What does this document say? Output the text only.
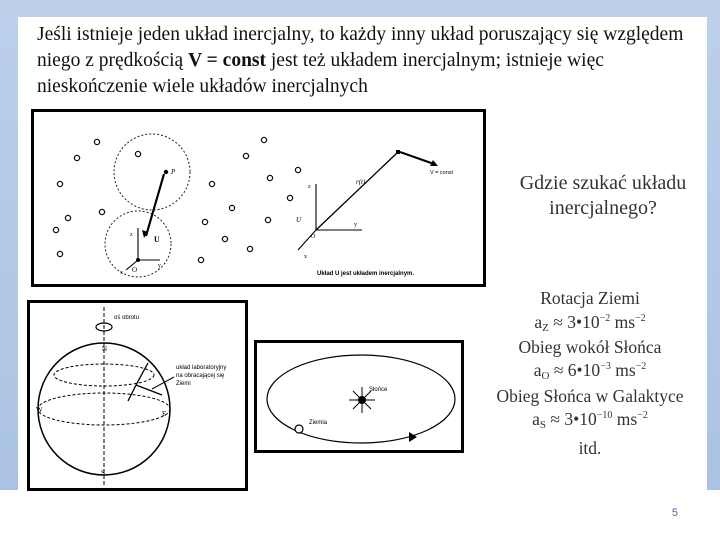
Jeśli istnieje jeden układ inercjalny, to każdy inny układ poruszający się względem niego z prędkością V = const jest też układem inercjalnym; istnieje więc nieskończenie wiele układów inercjalnych
P
U
O
x
y
z
z
U
O
y
x
r(t)
V = const
Układ U jest układem inercjalnym.
oś obrotu
N
S
W	E
układ laboratoryjny na obracającej się Ziemi
Słońce
Ziemia
Gdzie szukać układu inercjalnego?
Rotacja Ziemi
$a_Z$ ≈ $3•10^{-2}$ $ms^{-2}$
Obieg wokół Słońca
$a_O$ ≈ $6•10^{-3}$ $ms^{-2}$
Obieg Słońca w Galaktyce
$a_S$ ≈ $3•10^{-10}$ $ms^{-2}$
itd.
5
